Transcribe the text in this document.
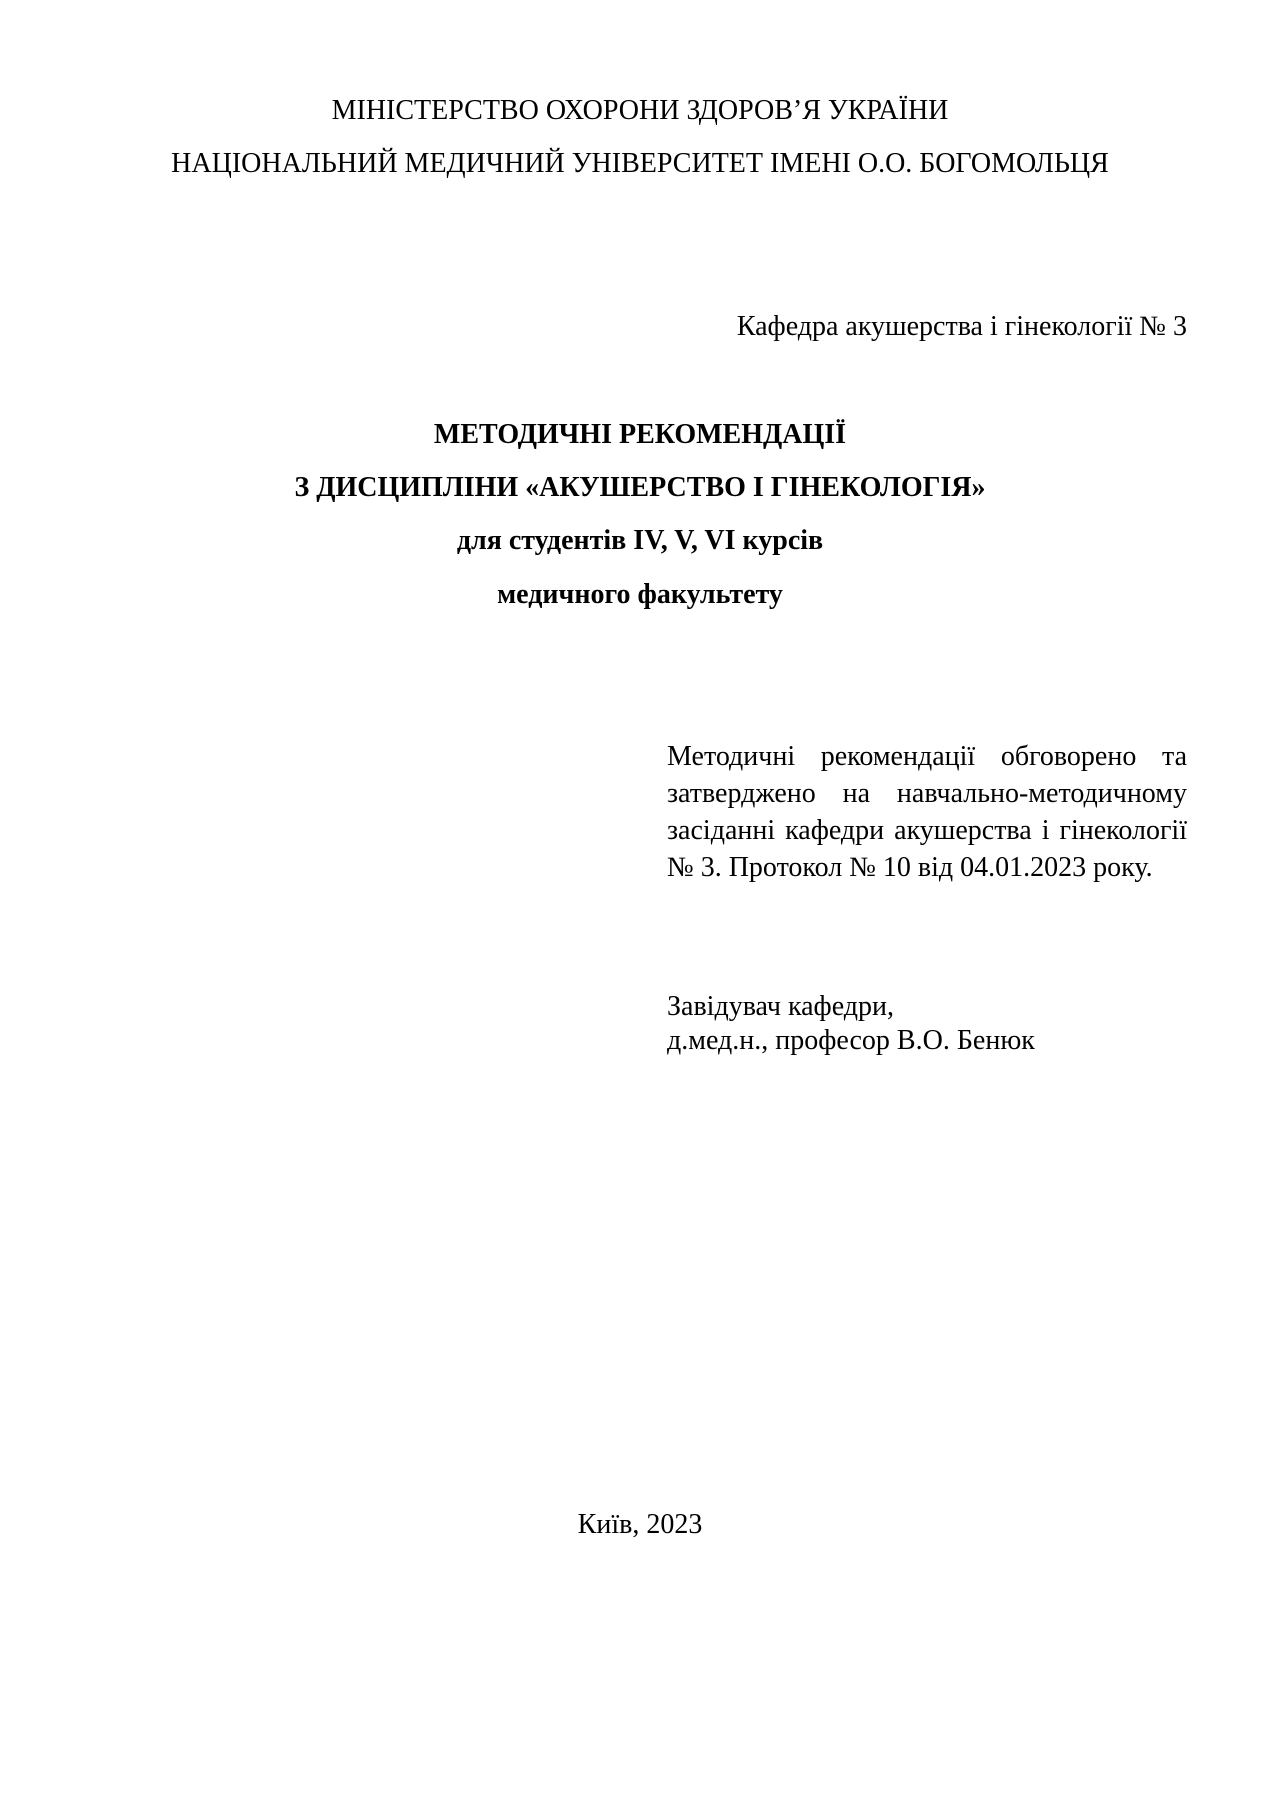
МІНІСТЕРСТВО ОХОРОНИ ЗДОРОВ’Я УКРАЇНИ
НАЦІОНАЛЬНИЙ МЕДИЧНИЙ УНІВЕРСИТЕТ ІМЕНІ О.О. БОГОМОЛЬЦЯ
Кафедра акушерства і гінекології № 3
МЕТОДИЧНІ РЕКОМЕНДАЦІЇ
З ДИСЦИПЛІНИ «АКУШЕРСТВО І ГІНЕКОЛОГІЯ»
для студентів IV, V, VI курсів
медичного факультету
Методичні рекомендації обговорено та затверджено на навчально-методичному засіданні кафедри акушерства і гінекології № 3. Протокол № 10 від 04.01.2023 року.
Завідувач кафедри,
д.мед.н., професор В.О. Бенюк
Київ, 2023
